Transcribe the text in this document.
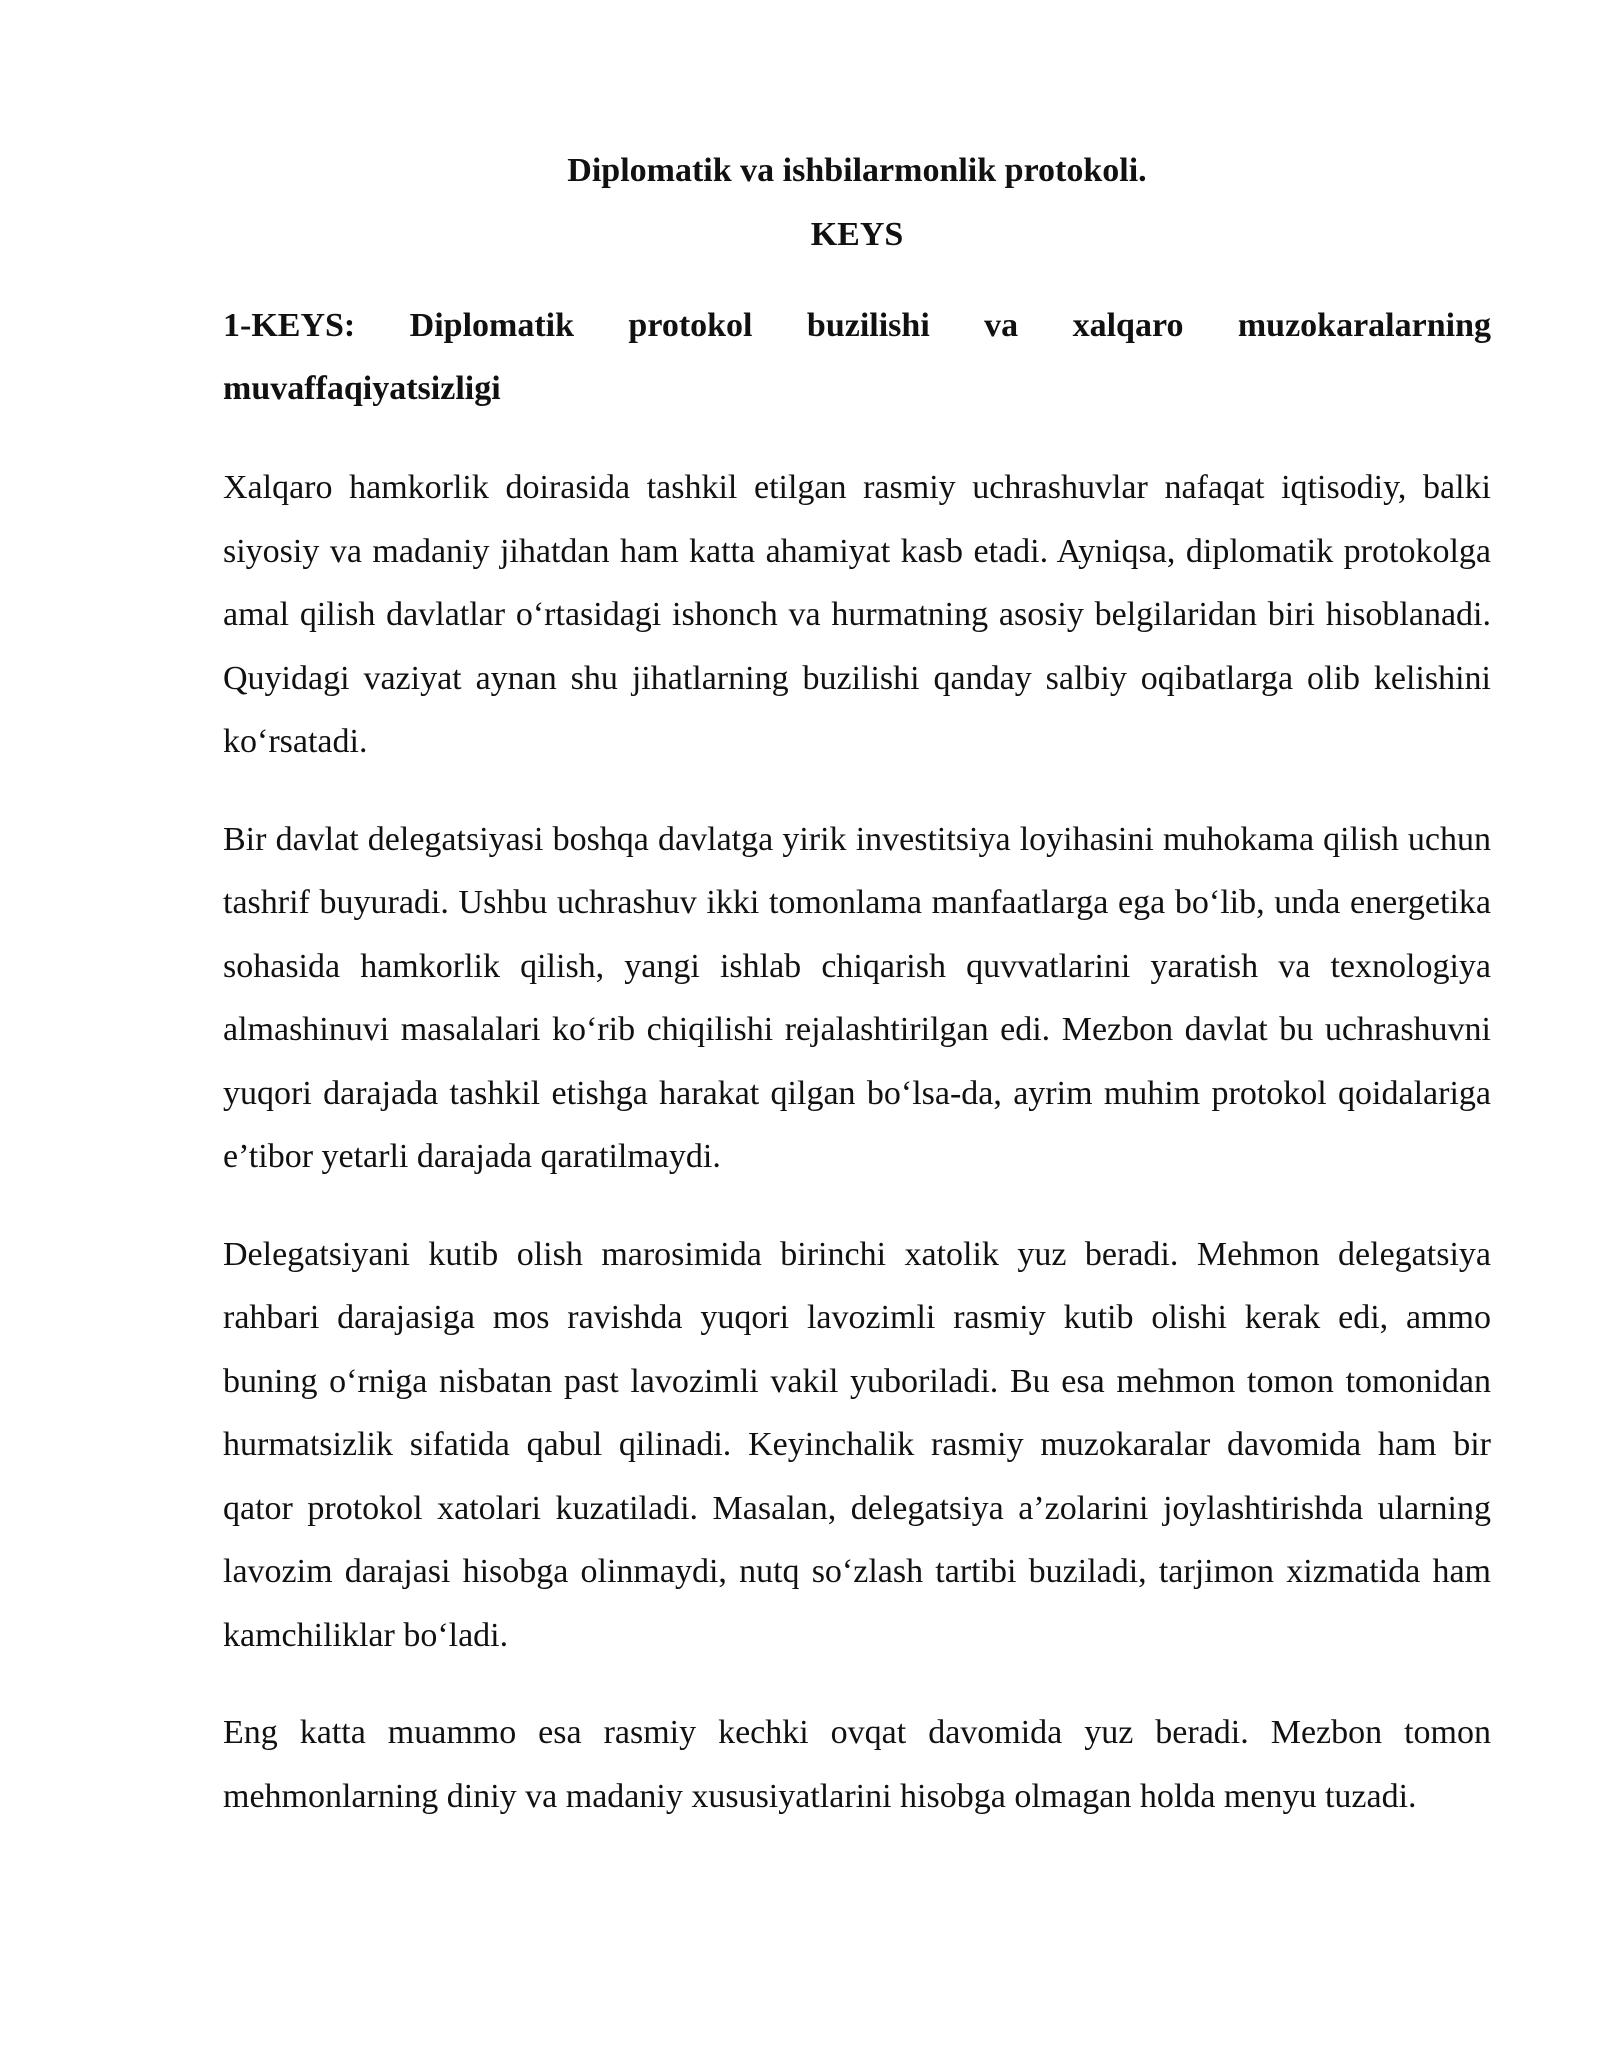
Diplomatik va ishbilarmonlik protokoli.
KEYS
1-KEYS: Diplomatik protokol buzilishi va xalqaro muzokaralarning muvaffaqiyatsizligi

Xalqaro hamkorlik doirasida tashkil etilgan rasmiy uchrashuvlar nafaqat iqtisodiy, balki siyosiy va madaniy jihatdan ham katta ahamiyat kasb etadi. Ayniqsa, diplomatik protokolga amal qilish davlatlar o‘rtasidagi ishonch va hurmatning asosiy belgilaridan biri hisoblanadi. Quyidagi vaziyat aynan shu jihatlarning buzilishi qanday salbiy oqibatlarga olib kelishini ko‘rsatadi.

Bir davlat delegatsiyasi boshqa davlatga yirik investitsiya loyihasini muhokama qilish uchun tashrif buyuradi. Ushbu uchrashuv ikki tomonlama manfaatlarga ega bo‘lib, unda energetika sohasida hamkorlik qilish, yangi ishlab chiqarish quvvatlarini yaratish va texnologiya almashinuvi masalalari ko‘rib chiqilishi rejalashtirilgan edi. Mezbon davlat bu uchrashuvni yuqori darajada tashkil etishga harakat qilgan bo‘lsa-da, ayrim muhim protokol qoidalariga e’tibor yetarli darajada qaratilmaydi.

Delegatsiyani kutib olish marosimida birinchi xatolik yuz beradi. Mehmon delegatsiya rahbari darajasiga mos ravishda yuqori lavozimli rasmiy kutib olishi kerak edi, ammo buning o‘rniga nisbatan past lavozimli vakil yuboriladi. Bu esa mehmon tomon tomonidan hurmatsizlik sifatida qabul qilinadi. Keyinchalik rasmiy muzokaralar davomida ham bir qator protokol xatolari kuzatiladi. Masalan, delegatsiya a’zolarini joylashtirishda ularning lavozim darajasi hisobga olinmaydi, nutq so‘zlash tartibi buziladi, tarjimon xizmatida ham kamchiliklar bo‘ladi.

Eng katta muammo esa rasmiy kechki ovqat davomida yuz beradi. Mezbon tomon mehmonlarning diniy va madaniy xususiyatlarini hisobga olmagan holda menyu tuzadi.
